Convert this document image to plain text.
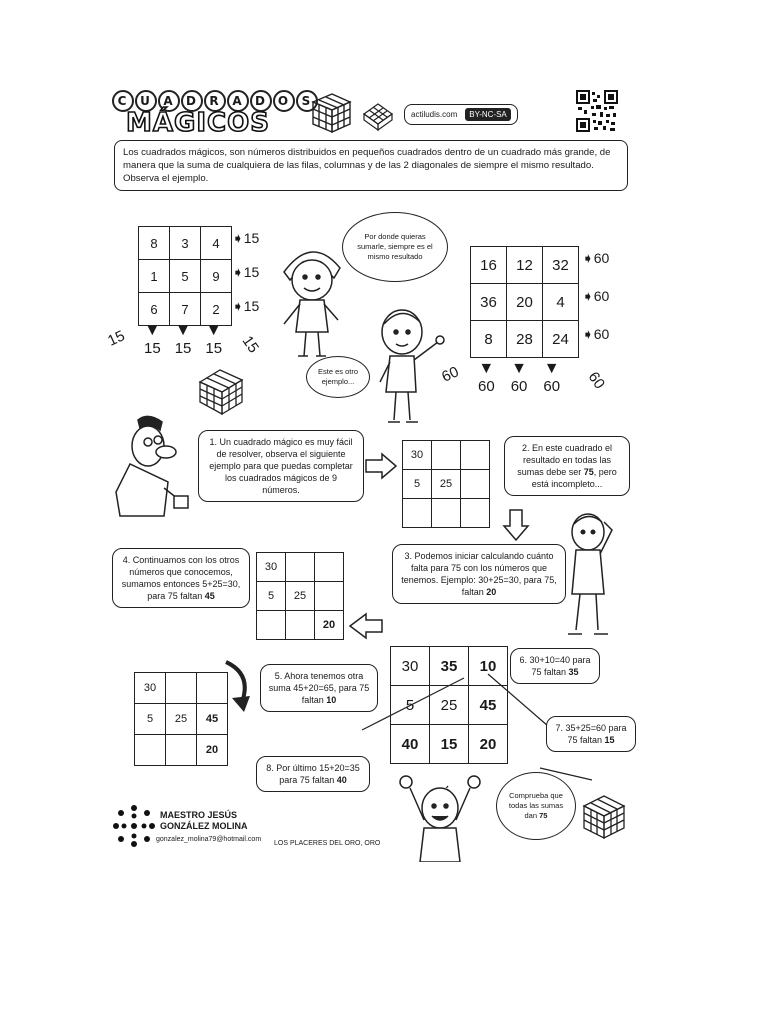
C U A D R A D O S
MÁGICOS	actiludis.com	BY-NC-SA
Los cuadrados mágicos, son números distribuidos en pequeños cuadrados dentro de un cuadrado más grande, de manera que la suma de cualquiera de las filas, columnas y de las 2 diagonales de siempre el mismo resultado. Observa el ejemplo.
8	3	4
1	5	9
6	7	2
➧15
➧15
➧15
15 ▼
15
▼
15
▼
15 15
Por donde quieras sumarle, siempre es el mismo resultado
Este es otro ejemplo...
16	12	32
36	20	4
8	28	24
➧60
➧60
➧60
60 ▼
60
▼
60
▼
60 60
1. Un cuadrado mágico es muy fácil de resolver, observa el siguiente ejemplo para que puedas completar los cuadrados mágicos de 9 números.
30		
5	25	

2. En este cuadrado el resultado en todas las sumas debe ser 75, pero está incompleto...
3. Podemos iniciar calculando cuánto falta para 75 con los números que tenemos. Ejemplo: 30+25=30, para 75, faltan 20
30		
5	25	
		20
4. Continuamos con los otros números que conocemos, sumamos entonces 5+25=30, para 75 faltan 45
30		
5	25	45
		20
5. Ahora tenemos otra suma 45+20=65, para 75 faltan 10
30	35	10
5	25	45
40	15	20
6. 30+10=40 para 75 faltan 35
7. 35+25=60 para 75 faltan 15
8. Por último 15+20=35 para 75 faltan 40
Comprueba que todas las sumas dan 75
MAESTRO JESÚS
GONZÁLEZ MOLINA
gonzalez_molina79@hotmail.com
LOS PLACERES DEL ORO, ORO
